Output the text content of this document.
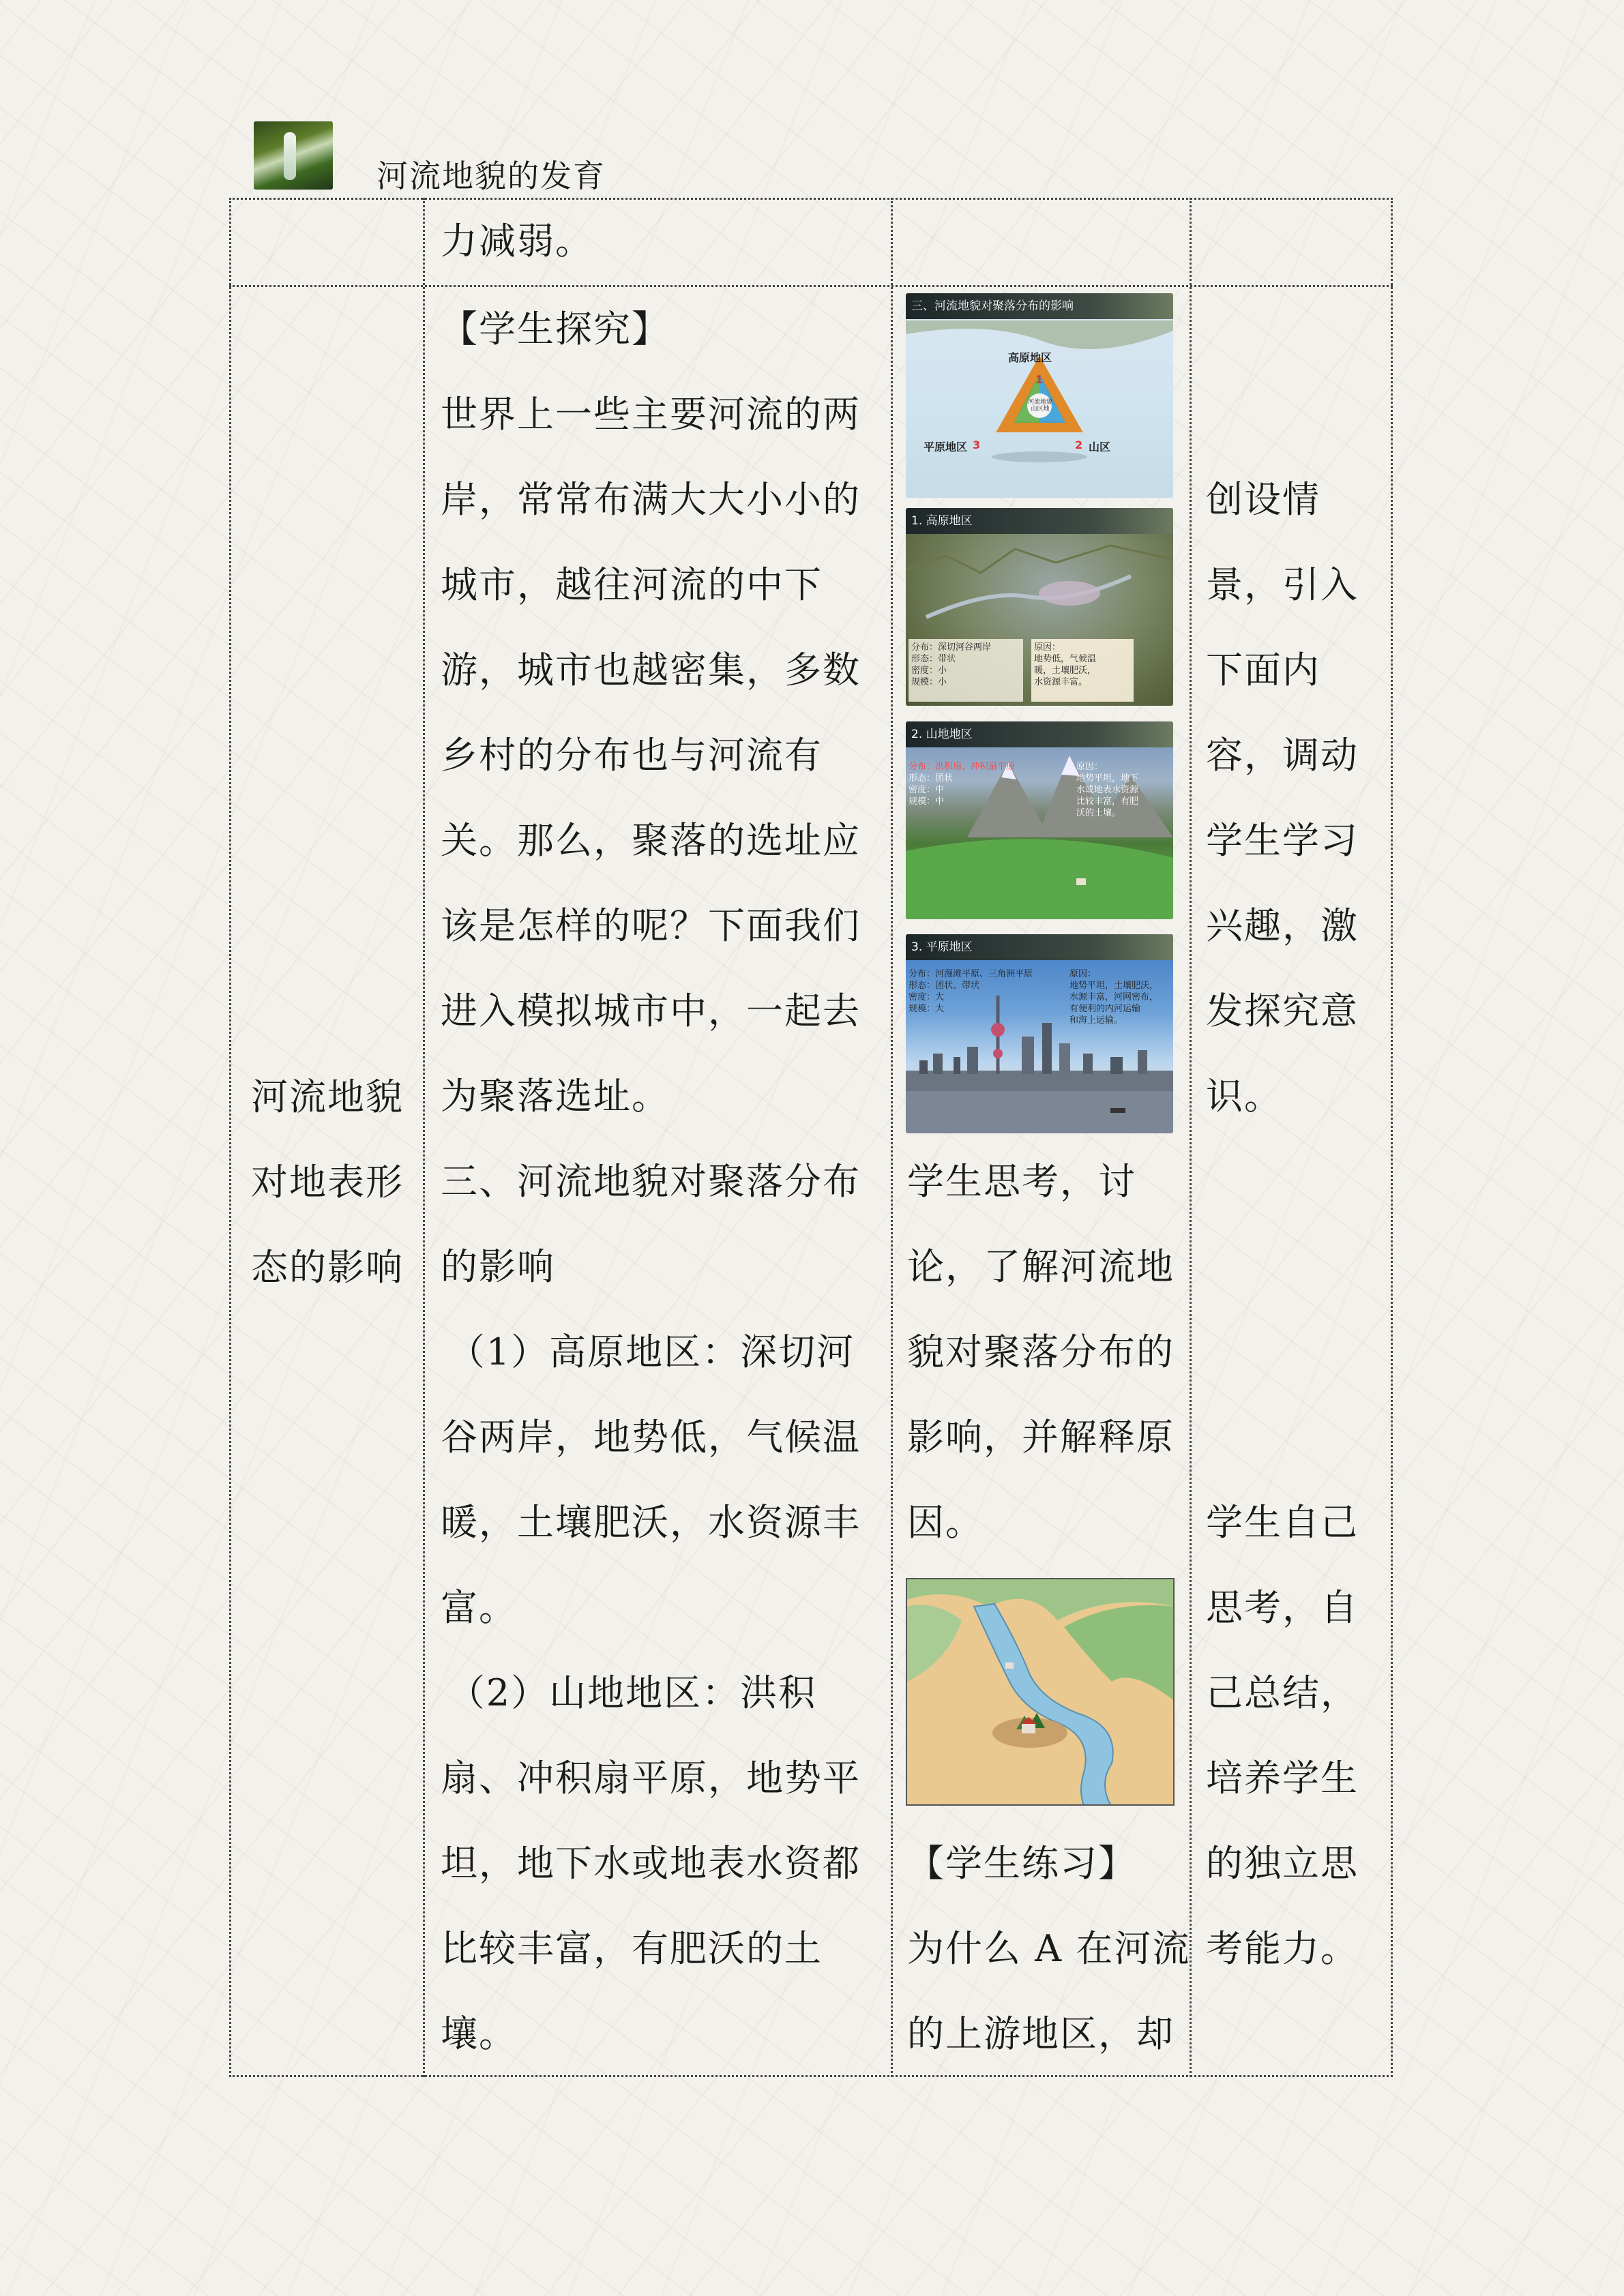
河流地貌的发育

力减弱。

河流地貌

对地表形

态的影响

【学生探究】

世界上一些主要河流的两

岸，常常布满大大小小的

城市，越往河流的中下

游，城市也越密集，多数

乡村的分布也与河流有

关。那么，聚落的选址应

该是怎样的呢？下面我们

进入模拟城市中，一起去

为聚落选址。

三、河流地貌对聚落分布

的影响

（1）高原地区：深切河

谷两岸，地势低，气候温

暖，土壤肥沃，水资源丰

富。

（2）山地地区：洪积

扇、冲积扇平原，地势平

坦，地下水或地表水资都

比较丰富，有肥沃的土

壤。

三、河流地貌对聚落分布的影响
高原地区
1
平原地区 3	2 山区
河流地貌 山区地
1. 高原地区
分布：深切河谷两岸
形态：带状
密度：小
规模：小
原因：
地势低，气候温
暖，土壤肥沃，
水资源丰富。
2. 山地地区
分布：洪积扇、冲积扇平原
形态：团状
密度：中
规模：中
原因：
地势平坦，地下
水或地表水资源
比较丰富，有肥
沃的土壤。
3. 平原地区
分布：河漫滩平原、三角洲平原
形态：团状、带状
密度：大
规模：大
原因：
地势平坦，土壤肥沃，
水源丰富，河网密布，
有便利的内河运输
和海上运输。

学生思考，讨

论，了解河流地

貌对聚落分布的

影响，并解释原

因。

【学生练习】

为什么 A 在河流

的上游地区，却

创设情

景，引入

下面内

容，调动

学生学习

兴趣，激

发探究意

识。

学生自己

思考，自

己总结，

培养学生

的独立思

考能力。
